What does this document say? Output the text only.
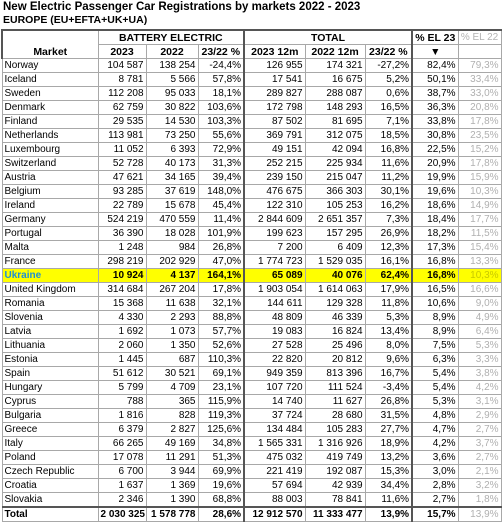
New Electric Passenger Car Registrations by markets 2022 - 2023
EUROPE (EU+EFTA+UK+UA)
Market	BATTERY ELECTRIC			TOTAL			% EL 23	% EL 22
	2023	2022	23/22 %	2023 12m	2022 12m	23/22 %	▼	
Norway	104 587	138 254	-24,4%	126 955	174 321	-27,2%	82,4%	79,3%
Iceland	8 781	5 566	57,8%	17 541	16 675	5,2%	50,1%	33,4%
Sweden	112 208	95 033	18,1%	289 827	288 087	0,6%	38,7%	33,0%
Denmark	62 759	30 822	103,6%	172 798	148 293	16,5%	36,3%	20,8%
Finland	29 535	14 530	103,3%	87 502	81 695	7,1%	33,8%	17,8%
Netherlands	113 981	73 250	55,6%	369 791	312 075	18,5%	30,8%	23,5%
Luxembourg	11 052	6 393	72,9%	49 151	42 094	16,8%	22,5%	15,2%
Switzerland	52 728	40 173	31,3%	252 215	225 934	11,6%	20,9%	17,8%
Austria	47 621	34 165	39,4%	239 150	215 047	11,2%	19,9%	15,9%
Belgium	93 285	37 619	148,0%	476 675	366 303	30,1%	19,6%	10,3%
Ireland	22 789	15 678	45,4%	122 310	105 253	16,2%	18,6%	14,9%
Germany	524 219	470 559	11,4%	2 844 609	2 651 357	7,3%	18,4%	17,7%
Portugal	36 390	18 028	101,9%	199 623	157 295	26,9%	18,2%	11,5%
Malta	1 248	984	26,8%	7 200	6 409	12,3%	17,3%	15,4%
France	298 219	202 929	47,0%	1 774 723	1 529 035	16,1%	16,8%	13,3%
Ukraine	10 924	4 137	164,1%	65 089	40 076	62,4%	16,8%	10,3%
United Kingdom	314 684	267 204	17,8%	1 903 054	1 614 063	17,9%	16,5%	16,6%
Romania	15 368	11 638	32,1%	144 611	129 328	11,8%	10,6%	9,0%
Slovenia	4 330	2 293	88,8%	48 809	46 339	5,3%	8,9%	4,9%
Latvia	1 692	1 073	57,7%	19 083	16 824	13,4%	8,9%	6,4%
Lithuania	2 060	1 350	52,6%	27 528	25 496	8,0%	7,5%	5,3%
Estonia	1 445	687	110,3%	22 820	20 812	9,6%	6,3%	3,3%
Spain	51 612	30 521	69,1%	949 359	813 396	16,7%	5,4%	3,8%
Hungary	5 799	4 709	23,1%	107 720	111 524	-3,4%	5,4%	4,2%
Cyprus	788	365	115,9%	14 740	11 627	26,8%	5,3%	3,1%
Bulgaria	1 816	828	119,3%	37 724	28 680	31,5%	4,8%	2,9%
Greece	6 379	2 827	125,6%	134 484	105 283	27,7%	4,7%	2,7%
Italy	66 265	49 169	34,8%	1 565 331	1 316 926	18,9%	4,2%	3,7%
Poland	17 078	11 291	51,3%	475 032	419 749	13,2%	3,6%	2,7%
Czech Republic	6 700	3 944	69,9%	221 419	192 087	15,3%	3,0%	2,1%
Croatia	1 637	1 369	19,6%	57 694	42 939	34,4%	2,8%	3,2%
Slovakia	2 346	1 390	68,8%	88 003	78 841	11,6%	2,7%	1,8%
Total	2 030 325	1 578 778	28,6%	12 912 570	11 333 477	13,9%	15,7%	13,9%
